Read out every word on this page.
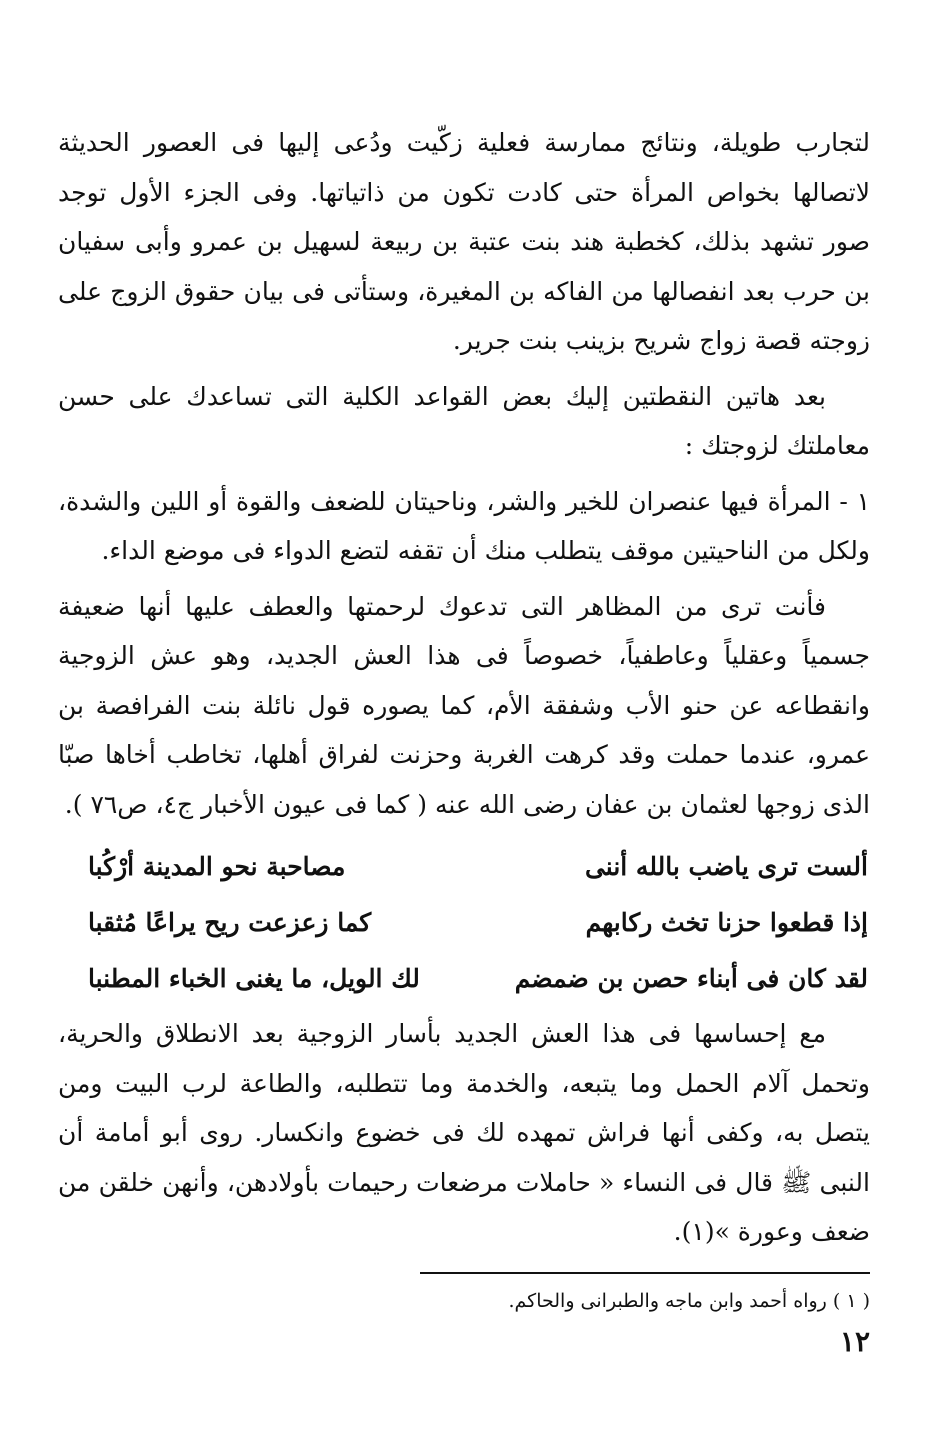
لتجارب طويلة، ونتائج ممارسة فعلية زكّيت ودُعى إليها فى العصور الحديثة لاتصالها بخواص المرأة حتى كادت تكون من ذاتياتها. وفى الجزء الأول توجد صور تشهد بذلك، كخطبة هند بنت عتبة بن ربيعة لسهيل بن عمرو وأبى سفيان بن حرب بعد انفصالها من الفاكه بن المغيرة، وستأتى فى بيان حقوق الزوج على زوجته قصة زواج شريح بزينب بنت جرير.

بعد هاتين النقطتين إليك بعض القواعد الكلية التى تساعدك على حسن معاملتك لزوجتك :

١ - المرأة فيها عنصران للخير والشر، وناحيتان للضعف والقوة أو اللين والشدة، ولكل من الناحيتين موقف يتطلب منك أن تقفه لتضع الدواء فى موضع الداء.

فأنت ترى من المظاهر التى تدعوك لرحمتها والعطف عليها أنها ضعيفة جسمياً وعقلياً وعاطفياً، خصوصاً فى هذا العش الجديد، وهو عش الزوجية وانقطاعه عن حنو الأب وشفقة الأم، كما يصوره قول نائلة بنت الفرافصة بن عمرو، عندما حملت وقد كرهت الغربة وحزنت لفراق أهلها، تخاطب أخاها صبّا الذى زوجها لعثمان بن عفان رضى الله عنه ( كما فى عيون الأخبار ج٤، ص٧٦ ).

ألست ترى ياضب بالله أننى
مصاحبة نحو المدينة أرْكُبا
إذا قطعوا حزنا تخث ركابهم
كما زعزعت ريح يراعًا مُثقبا
لقد كان فى أبناء حصن بن ضمضم
لك الويل، ما يغنى الخباء المطنبا

مع إحساسها فى هذا العش الجديد بأسار الزوجية بعد الانطلاق والحرية، وتحمل آلام الحمل وما يتبعه، والخدمة وما تتطلبه، والطاعة لرب البيت ومن يتصل به، وكفى أنها فراش تمهده لك فى خضوع وانكسار. روى أبو أمامة أن النبى ﷺ قال فى النساء « حاملات مرضعات رحيمات بأولادهن، وأنهن خلقن من ضعف وعورة »(١).

( ١ ) رواه أحمد وابن ماجه والطبرانى والحاكم.
١٢
